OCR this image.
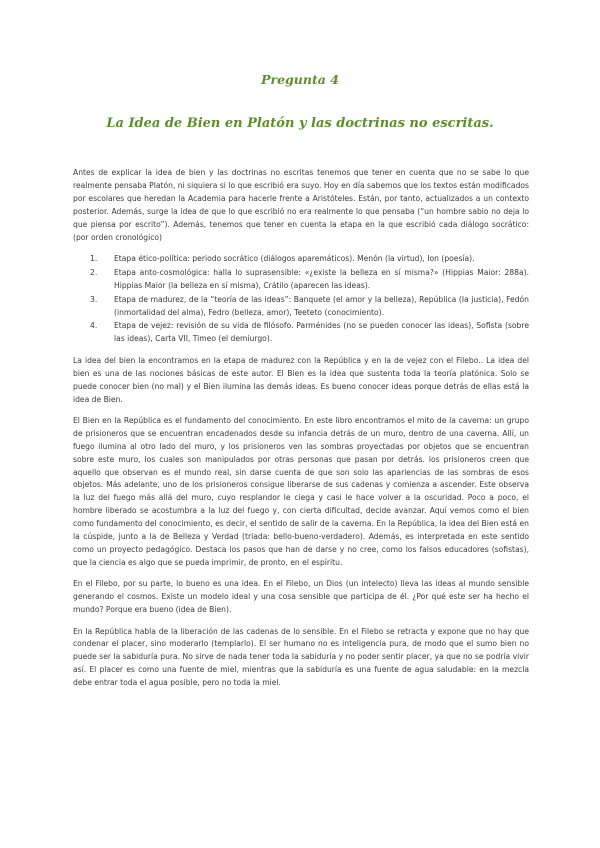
Pregunta 4
La Idea de Bien en Platón y las doctrinas no escritas.

Antes de explicar la idea de bien y las doctrinas no escritas tenemos que tener en cuenta que no se sabe lo que realmente pensaba Platón, ni siquiera si lo que escribió era suyo. Hoy en día sabemos que los textos están modificados por escolares que heredan la Academia para hacerle frente a Aristóteles. Están, por tanto, actualizados a un contexto posterior. Además, surge la idea de que lo que escribió no era realmente lo que pensaba (“un hombre sabio no deja lo que piensa por escrito”). Además, tenemos que tener en cuenta la etapa en la que escribió cada diálogo socrático: (por orden cronológico)

1. Etapa ético-política: periodo socrático (diálogos aparemáticos). Menón (la virtud), Ion (poesía).
2. Etapa anto-cosmológica: halla lo suprasensible: «¿existe la belleza en sí misma?» (Hippias Maior: 288a). Hippias Maior (la belleza en sí misma), Crátilo (aparecen las ideas).
3. Etapa de madurez, de la “teoría de las ideas”: Banquete (el amor y la belleza), República (la justicia), Fedón (inmortalidad del alma), Fedro (belleza, amor), Teeteto (conocimiento).
4. Etapa de vejez: revisión de su vida de filósofo. Parménides (no se pueden conocer las ideas), Sofista (sobre las ideas), Carta VII, Timeo (el demiurgo).

La idea del bien la encontramos en la etapa de madurez con la República y en la de vejez con el Filebo.. La idea del bien es una de las nociones básicas de este autor. El Bien es la idea que sustenta toda la teoría platónica. Solo se puede conocer bien (no mal) y el Bien ilumina las demás ideas. Es bueno conocer ideas porque detrás de ellas está la idea de Bien.

El Bien en la República es el fundamento del conocimiento. En este libro encontramos el mito de la caverna: un grupo de prisioneros que se encuentran encadenados desde su infancia detrás de un muro, dentro de una caverna. Allí, un fuego ilumina al otro lado del muro, y los prisioneros ven las sombras proyectadas por objetos que se encuentran sobre este muro, los cuales son manipulados por otras personas que pasan por detrás. los prisioneros creen que aquello que observan es el mundo real, sin darse cuenta de que son solo las apariencias de las sombras de esos objetos. Más adelante, uno de los prisioneros consigue liberarse de sus cadenas y comienza a ascender. Este observa la luz del fuego más allá del muro, cuyo resplandor le ciega y casi le hace volver a la oscuridad. Poco a poco, el hombre liberado se acostumbra a la luz del fuego y, con cierta dificultad, decide avanzar. Aquí vemos como el bien como fundamento del conocimiento, es decir, el sentido de salir de la caverna. En la República, la idea del Bien está en la cúspide, junto a la de Belleza y Verdad (triada: bello-bueno-verdadero). Además, es interpretada en este sentido como un proyecto pedagógico. Destaca los pasos que han de darse y no cree, como los falsos educadores (sofistas), que la ciencia es algo que se pueda imprimir, de pronto, en el espíritu.

En el Filebo, por su parte, lo bueno es una idea. En el Filebo, un Dios (un intelecto) lleva las ideas al mundo sensible generando el cosmos. Existe un modelo ideal y una cosa sensible que participa de él. ¿Por qué este ser ha hecho el mundo? Porque era bueno (idea de Bien).

En la República habla de la liberación de las cadenas de lo sensible. En el Filebo se retracta y expone que no hay que condenar el placer, sino moderarlo (templarlo). El ser humano no es inteligencia pura, de modo que el sumo bien no puede ser la sabiduría pura. No sirve de nada tener toda la sabiduría y no poder sentir placer, ya que no se podría vivir así. El placer es como una fuente de miel, mientras que la sabiduría es una fuente de agua saludable: en la mezcla debe entrar toda el agua posible, pero no toda la miel.
